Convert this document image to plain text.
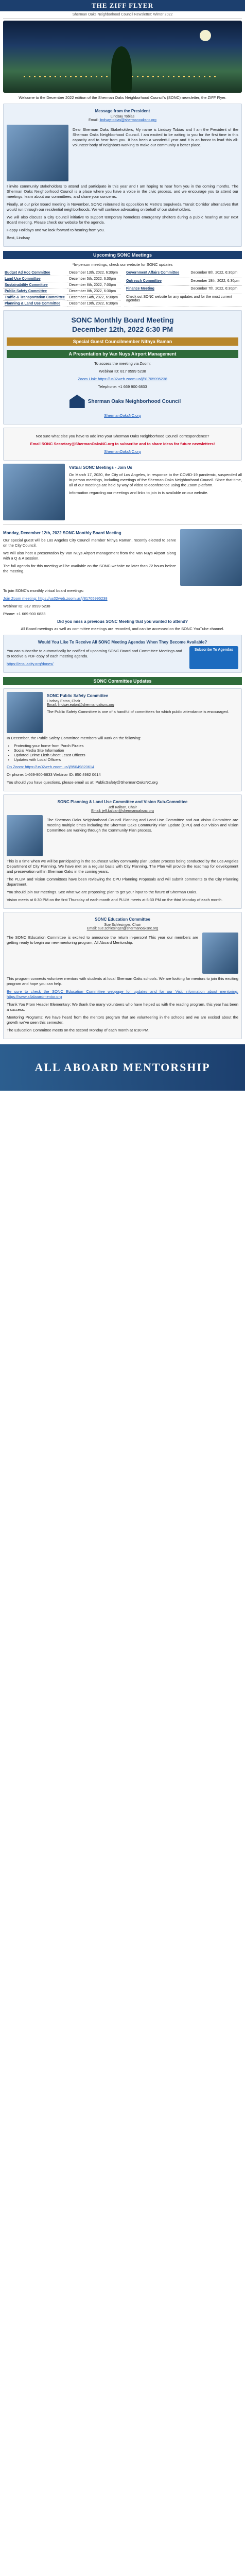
THE ZIFF FLYER
Sherman Oaks Neighborhood Council Newsletter: Winter 2022

Welcome to the December 2022 edition of the Sherman Oaks Neighborhood Council's (SONC) newsletter, the ZIFF Flyer.

Message from the President
Lindsay Tobias
Email: lindsay.tobias@shermanoaksnc.org

Dear Sherman Oaks Stakeholders, My name is Lindsay Tobias and I am the President of the Sherman Oaks Neighborhood Council. I am excited to be writing to you for the first time in this capacity and to hear from you. It has been a wonderful year and it is an honor to lead this all-volunteer body of neighbors working to make our community a better place.

I invite community stakeholders to attend and participate in this year and I am hoping to hear from you in the coming months. The Sherman Oaks Neighborhood Council is a place where you have a voice in the civic process, and we encourage you to attend our meetings, learn about our committees, and share your concerns.

Finally, at our prior Board meeting in November, SONC reiterated its opposition to Metro's Sepulveda Transit Corridor alternatives that would run through our residential neighborhoods. We will continue advocating on behalf of our stakeholders.

We will also discuss a City Council initiative to support temporary homeless emergency shelters during a public hearing at our next Board meeting. Please check our website for the agenda.

Happy Holidays and we look forward to hearing from you.

Best, Lindsay

Upcoming SONC Meetings

*In-person meetings, check our website for SONC updates

Budget Ad Hoc Committee	December 13th, 2022, 6:30pm
Land Use Committee	December 5th, 2022, 6:30pm
Sustainability Committee	December 6th, 2022, 7:00pm
Public Safety Committee	December 8th, 2022, 6:30pm
Traffic & Transportation Committee	December 14th, 2022, 6:30pm
Planning & Land Use Committee	December 19th, 2022, 6:30pm
Government Affairs Committee	December 8th, 2022, 6:30pm
Outreach Committee	December 19th, 2022, 6:30pm
Finance Meeting	December 7th, 2022, 6:30pm
Check out SONC website for any updates and for the most current agendas	
SONC Monthly Board Meeting
December 12th, 2022 6:30 PM
Special Guest Councilmember Nithya Raman
A Presentation by Van Nuys Airport Management

To access the meeting via Zoom:

Webinar ID: 817 0599 5238

Zoom Link: https://us02web.zoom.us/j/81705995238

Telephone: +1 669 900 6833

Sherman Oaks Neighborhood Council

ShermanOaksNC.org

Not sure what else you have to add into your Sherman Oaks Neighborhood Council correspondence?

Email SONC Secretary@ShermanOaksNC.org to subscribe and to share ideas for future newsletters!

ShermanOaksNC.org

Virtual SONC Meetings - Join Us

On March 17, 2020, the City of Los Angeles, in response to the COVID-19 pandemic, suspended all in-person meetings, including meetings of the Sherman Oaks Neighborhood Council. Since that time, all of our meetings are held by way of video teleconference using the Zoom platform.

Information regarding our meetings and links to join in is available on our website.

Monday, December 12th, 2022 SONC Monthly Board Meeting

Our special guest will be Los Angeles City Council member Nithya Raman, recently elected to serve on the City Council.

We will also host a presentation by Van Nuys Airport management from the Van Nuys Airport along with a Q & A session.

The full agenda for this meeting will be available on the SONC website no later than 72 hours before the meeting.

To join SONC's monthly virtual board meetings:

Join Zoom meeting: https://us02web.zoom.us/j/81705995238

Webinar ID: 817 0599 5238

Phone: +1 669 900 6833

Did you miss a previous SONC Meeting that you wanted to attend?

All Board meetings as well as committee meetings are recorded, and can be accessed on the SONC YouTube channel.

Would You Like To Receive All SONC Meeting Agendas When They Become Available?

You can subscribe to automatically be notified of upcoming SONC Board and Committee Meetings and to receive a PDF copy of each meeting agenda.

https://ens.lacity.org/dones/

Subscribe To Agendas
SONC Committee Updates
SONC Public Safety Committee
Lindsay Eaton, Chair
Email: lindsay.eaton@shermanoaksnc.org

The Public Safety Committee is one of a handful of committees for which public attendance is encouraged.

In December, the Public Safety Committee members will work on the following:

• Protecting your home from Porch Pirates
• Social Media Site Information
• Updated Crime Lieth Sheet Least Officers
• Updates with Local Officers

On Zoom: https://us02web.zoom.us/j/85049820614

Or phone: 1-669-900-6833 Webinar ID: 850 4982 0614

You should you have questions, please email us at: PublicSafety@ShermanOaksNC.org

SONC Planning & Land Use Committee and Vision Sub-Committee
Jeff Kalban, Chair
Email: jeff.kalban@shermanoaksnc.org

The Sherman Oaks Neighborhood Council Planning and Land Use Committee and our Vision Committee are meeting multiple times including the Sherman Oaks Community Plan Update (CPU) and our Vision and Vision Committee are working through the Community Plan process.

This is a time when we will be participating in the southeast valley community plan update process being conducted by the Los Angeles Department of City Planning. We have met on a regular basis with City Planning. The Plan will provide the roadmap for development and preservation within Sherman Oaks in the coming years.

The PLUM and Vision Committees have been reviewing the CPU Planning Proposals and will submit comments to the City Planning department.

You should join our meetings. See what we are proposing; plan to get your input to the future of Sherman Oaks.

Vision meets at 6:30 PM on the first Thursday of each month and PLUM meets at 6:30 PM on the third Monday of each month.

SONC Education Committee
Sue Schlesinger, Chair
Email: sue.schlesinger@shermanoaksnc.org

The SONC Education Committee is excited to announce the return in-person! This year our members are getting ready to begin our new mentoring program, All Aboard Mentorship.

This program connects volunteer mentors with students at local Sherman Oaks schools. We are looking for mentors to join this exciting program and hope you can help.

Be sure to check the SONC Education Committee webpage for updates and for our Visit information about mentoring: https://www.allaboardmentor.org

Thank You From Header Elementary: We thank the many volunteers who have helped us with the reading program, this year has been a success.

Mentoring Programs: We have heard from the mentors program that are volunteering in the schools and we are excited about the growth we've seen this semester.

The Education Committee meets on the second Monday of each month at 6:30 PM.

ALL ABOARD MENTORSHIP
